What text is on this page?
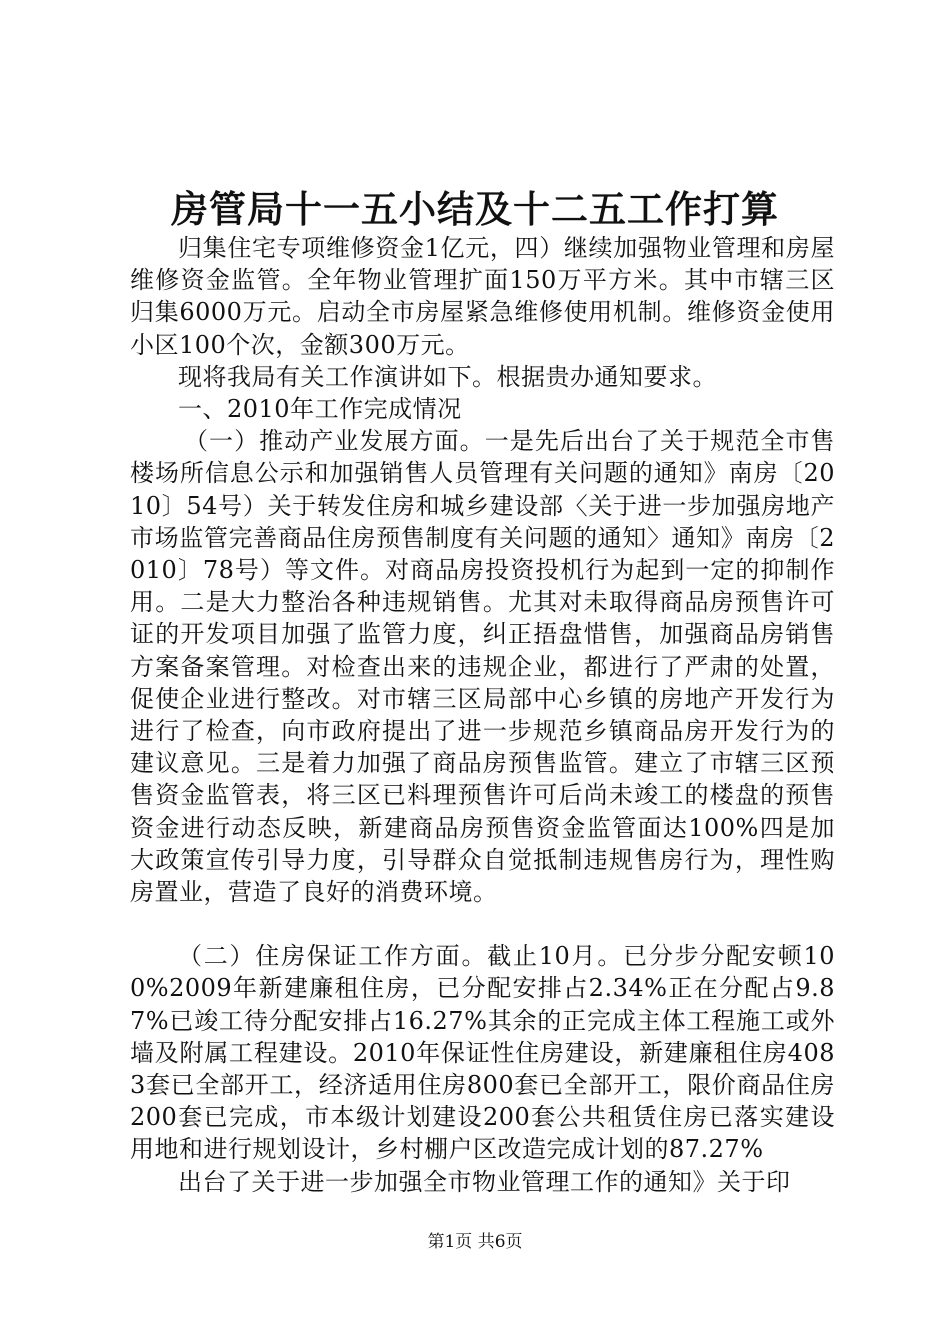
房管局十一五小结及十二五工作打算

归集住宅专项维修资金1亿元，四）继续加强物业管理和房屋维修资金监管。全年物业管理扩面150万平方米。其中市辖三区归集6000万元。启动全市房屋紧急维修使用机制。维修资金使用小区100个次，金额300万元。

现将我局有关工作演讲如下。根据贵办通知要求。

一、2010年工作完成情况

（一）推动产业发展方面。一是先后出台了关于规范全市售楼场所信息公示和加强销售人员管理有关问题的通知》南房〔2010〕54号）关于转发住房和城乡建设部〈关于进一步加强房地产市场监管完善商品住房预售制度有关问题的通知〉通知》南房〔2010〕78号）等文件。对商品房投资投机行为起到一定的抑制作用。二是大力整治各种违规销售。尤其对未取得商品房预售许可证的开发项目加强了监管力度，纠正捂盘惜售，加强商品房销售方案备案管理。对检查出来的违规企业，都进行了严肃的处置，促使企业进行整改。对市辖三区局部中心乡镇的房地产开发行为进行了检查，向市政府提出了进一步规范乡镇商品房开发行为的建议意见。三是着力加强了商品房预售监管。建立了市辖三区预售资金监管表，将三区已料理预售许可后尚未竣工的楼盘的预售资金进行动态反映，新建商品房预售资金监管面达100%四是加大政策宣传引导力度，引导群众自觉抵制违规售房行为，理性购房置业，营造了良好的消费环境。

（二）住房保证工作方面。截止10月。已分步分配安顿100%2009年新建廉租住房，已分配安排占2.34%正在分配占9.87%已竣工待分配安排占16.27%其余的正完成主体工程施工或外墙及附属工程建设。2010年保证性住房建设，新建廉租住房4083套已全部开工，经济适用住房800套已全部开工，限价商品住房200套已完成，市本级计划建设200套公共租赁住房已落实建设用地和进行规划设计，乡村棚户区改造完成计划的87.27%

出台了关于进一步加强全市物业管理工作的通知》关于印

第1页 共6页
